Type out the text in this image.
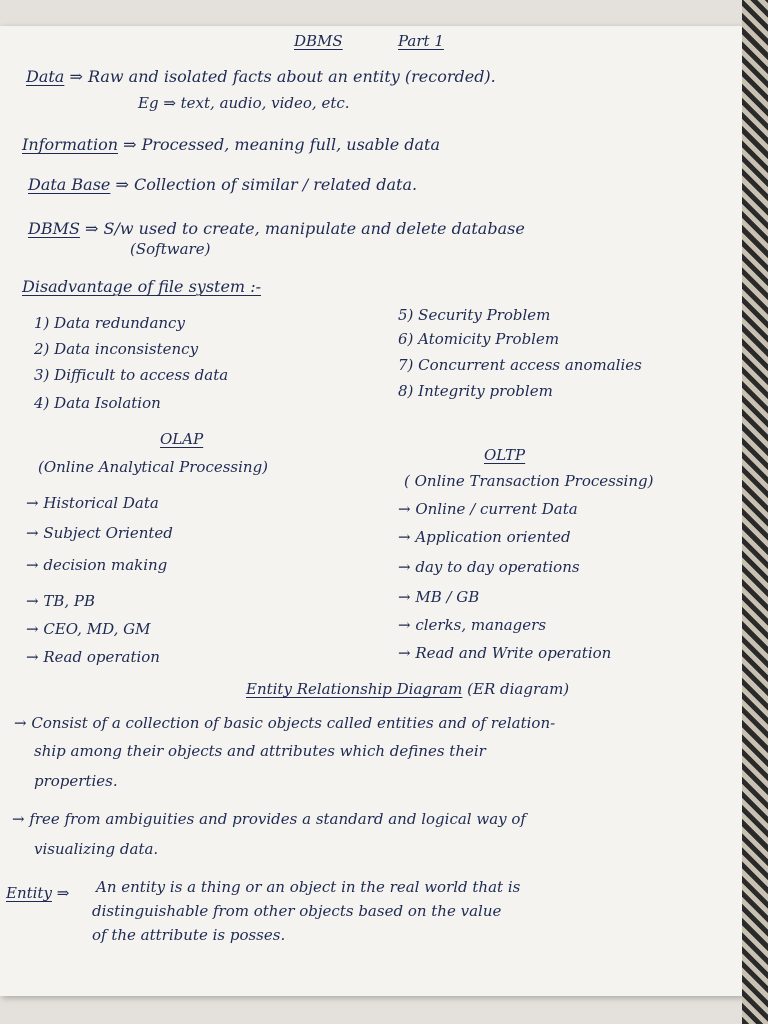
DBMS	Part 1
Data ⇒ Raw and isolated facts about an entity (recorded).
Eg ⇒ text, audio, video, etc.
Information ⇒ Processed, meaning full, usable data
Data Base ⇒ Collection of similar / related data.
DBMS ⇒ S/w used to create, manipulate and delete database
(Software)
Disadvantage of file system :-
1) Data redundancy
2) Data inconsistency
3) Difficult to access data
4) Data Isolation
5) Security Problem
6) Atomicity Problem
7) Concurrent access anomalies
8) Integrity problem
OLAP
(Online Analytical Processing)
→ Historical Data
→ Subject Oriented
→ decision making
→ TB, PB
→ CEO, MD, GM
→ Read operation
OLTP
( Online Transaction Processing)
→ Online / current Data
→ Application oriented
→ day to day operations
→ MB / GB
→ clerks, managers
→ Read and Write operation
Entity Relationship Diagram (ER diagram)
→ Consist of a collection of basic objects called entities and of relation-
ship among their objects and attributes which defines their
properties.
→ free from ambiguities and provides a standard and logical way of
visualizing data.
Entity ⇒ An entity is a thing or an object in the real world that is
distinguishable from other objects based on the value
of the attribute is posses.
